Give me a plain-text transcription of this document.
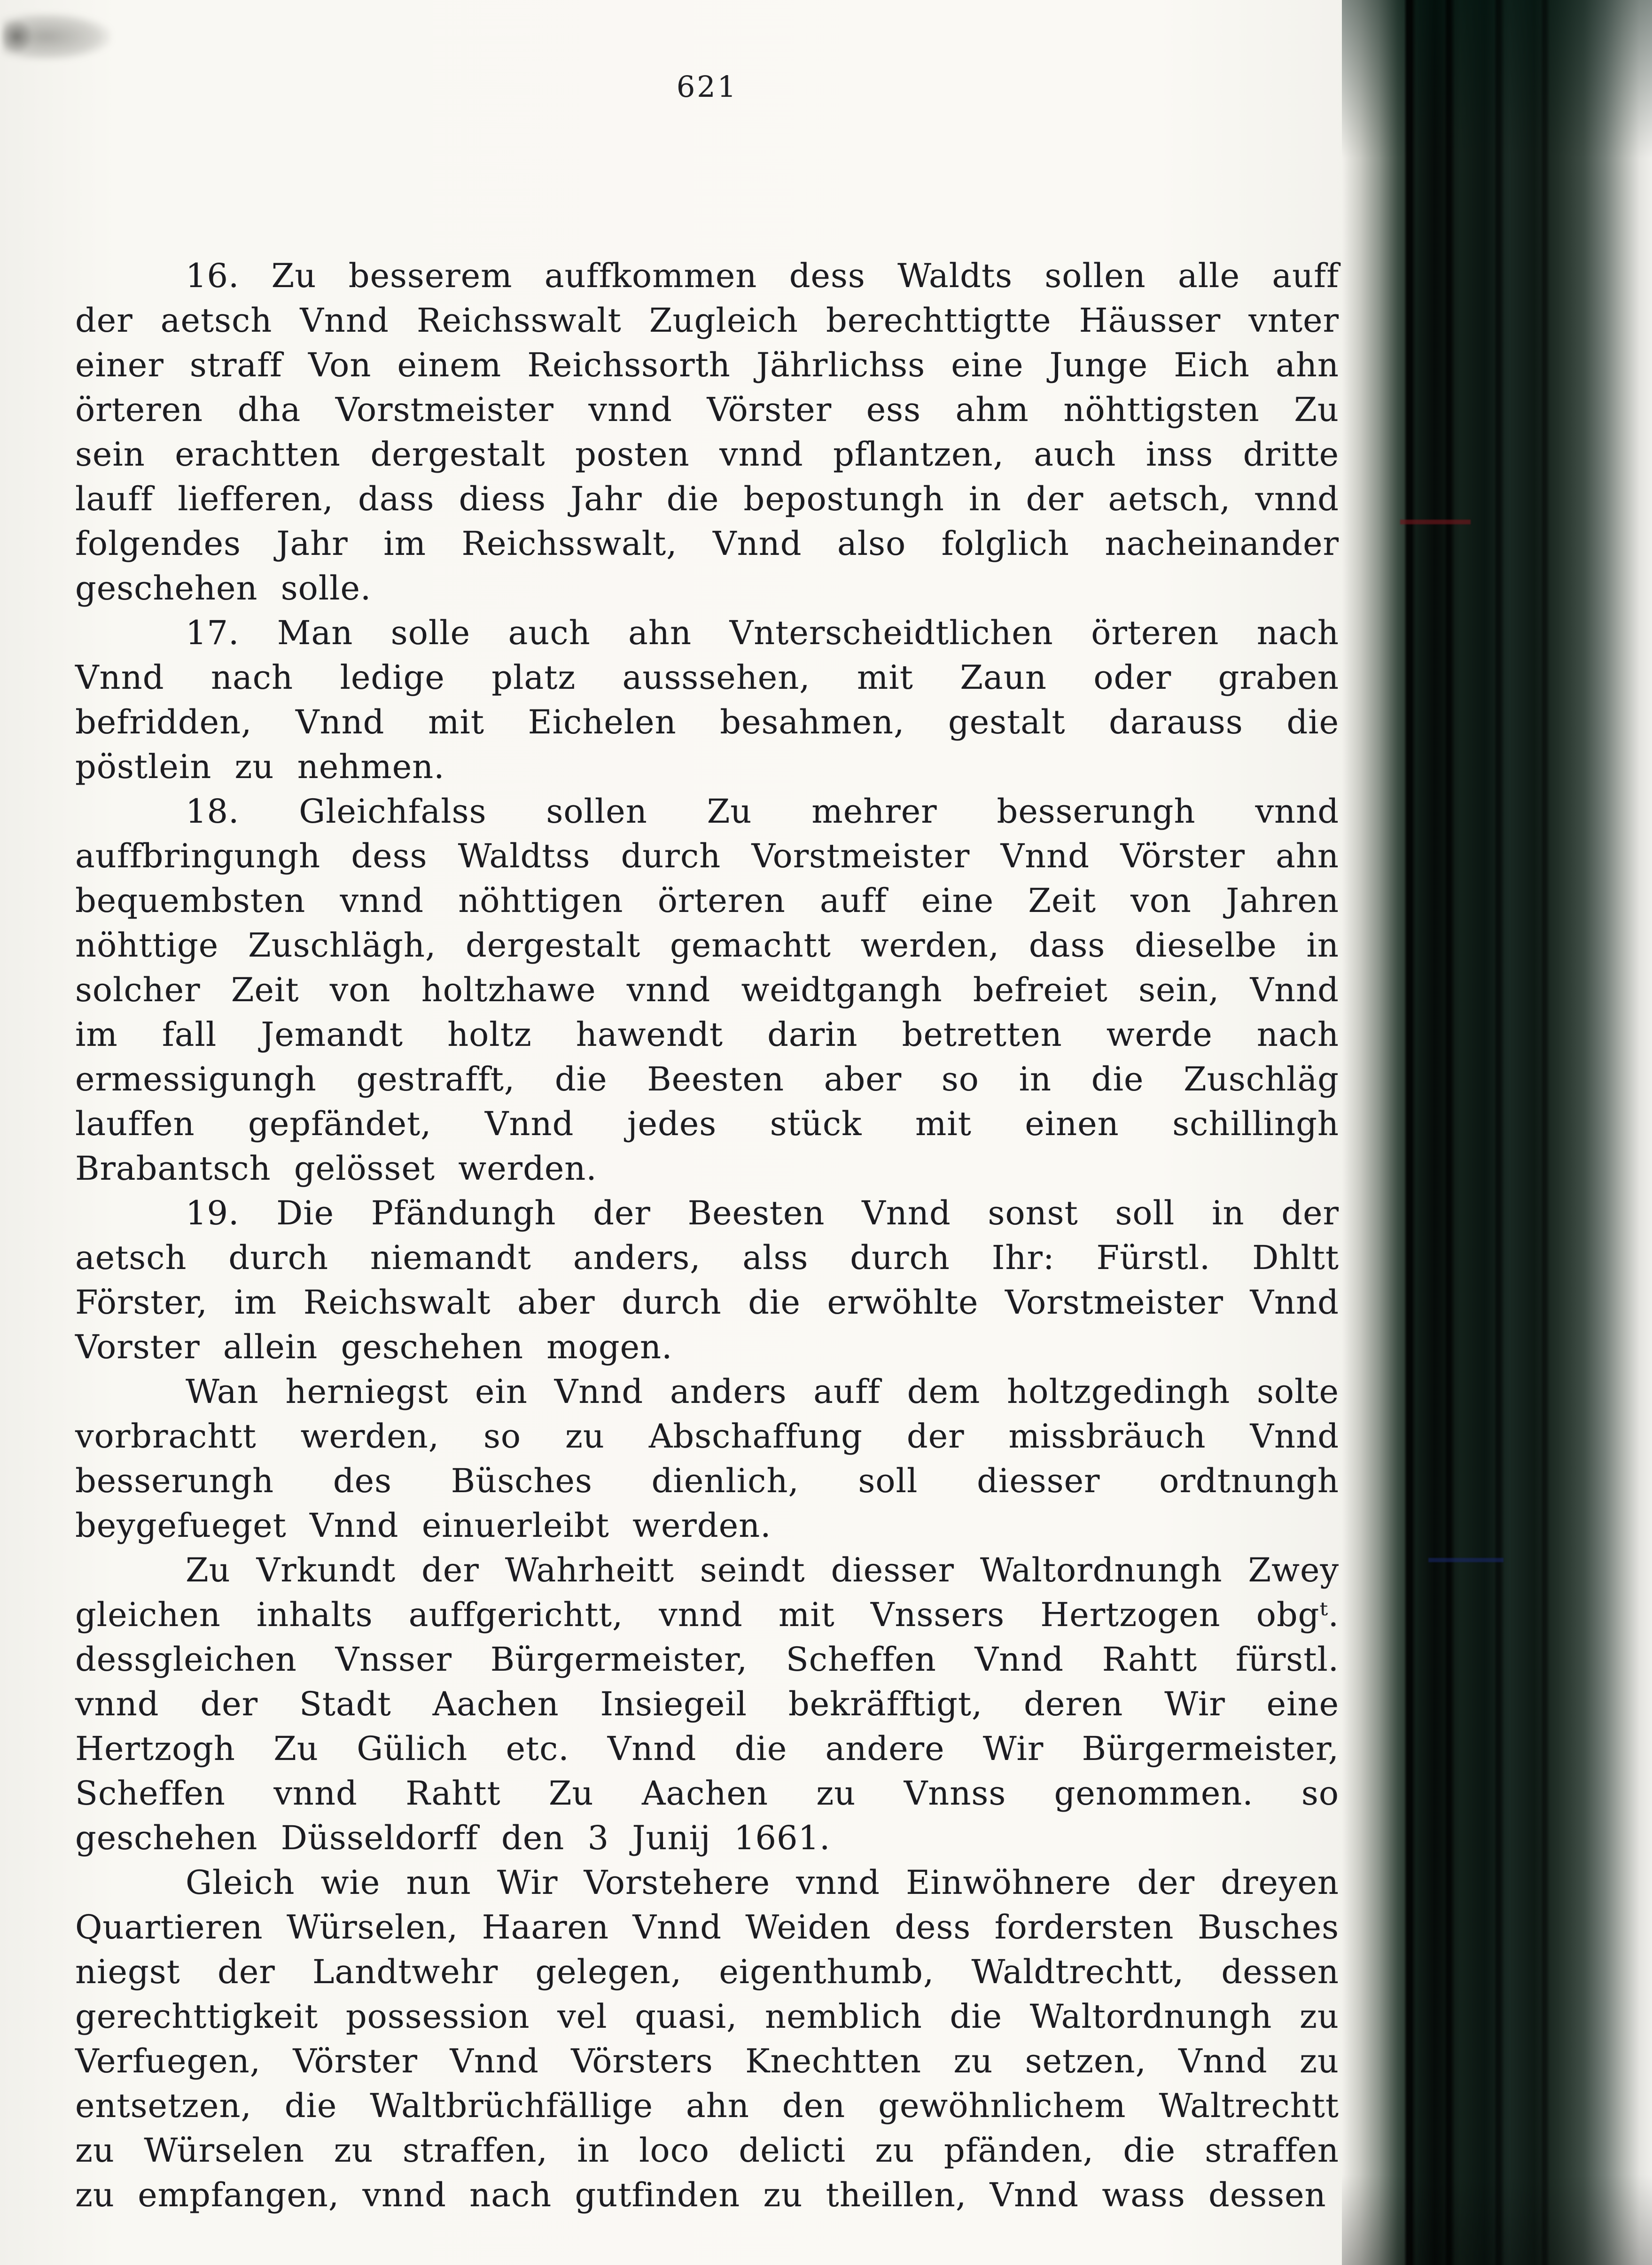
621

16. Zu besserem auffkommen dess Waldts sollen alle auff der aetsch Vnnd Reichsswalt Zugleich berechttigtte Häusser vnter einer straff Von einem Reichssorth Jährlichss eine Junge Eich ahn örteren dha Vorstmeister vnnd Vörster ess ahm nöhttigsten Zu sein erachtten dergestalt posten vnnd pflantzen, auch inss dritte lauff liefferen, dass diess Jahr die bepostungh in der aetsch, vnnd folgendes Jahr im Reichsswalt, Vnnd also folglich nacheinander geschehen solle.

17. Man solle auch ahn Vnterscheidtlichen örteren nach Vnnd nach ledige platz ausssehen, mit Zaun oder graben befridden, Vnnd mit Eichelen besahmen, gestalt darauss die pöstlein zu nehmen.

18. Gleichfalss sollen Zu mehrer besserungh vnnd auffbringungh dess Waldtss durch Vorstmeister Vnnd Vörster ahn bequembsten vnnd nöhttigen örteren auff eine Zeit von Jahren nöhttige Zuschlägh, dergestalt gemachtt werden, dass dieselbe in solcher Zeit von holtzhawe vnnd weidtgangh befreiet sein, Vnnd im fall Jemandt holtz hawendt darin betretten werde nach ermessigungh gestrafft, die Beesten aber so in die Zuschläg lauffen gepfändet, Vnnd jedes stück mit einen schillingh Brabantsch gelösset werden.

19. Die Pfändungh der Beesten Vnnd sonst soll in der aetsch durch niemandt anders, alss durch Ihr: Fürstl. Dhltt Förster, im Reichswalt aber durch die erwöhlte Vorstmeister Vnnd Vorster allein geschehen mogen.

Wan herniegst ein Vnnd anders auff dem holtzgedingh solte vorbrachtt werden, so zu Abschaffung der missbräuch Vnnd besserungh des Büsches dienlich, soll diesser ordtnungh beygefueget Vnnd einuerleibt werden.

Zu Vrkundt der Wahrheitt seindt diesser Waltordnungh Zwey gleichen inhalts auffgerichtt, vnnd mit Vnssers Hertzogen obgᵗ. dessgleichen Vnsser Bürgermeister, Scheffen Vnnd Rahtt fürstl. vnnd der Stadt Aachen Insiegeil bekräfftigt, deren Wir eine Hertzogh Zu Gülich etc. Vnnd die andere Wir Bürgermeister, Scheffen vnnd Rahtt Zu Aachen zu Vnnss genommen. so geschehen Düsseldorff den 3 Junij 1661.

Gleich wie nun Wir Vorstehere vnnd Einwöhnere der dreyen Quartieren Würselen, Haaren Vnnd Weiden dess fordersten Busches niegst der Landtwehr gelegen, eigenthumb, Waldtrechtt, dessen gerechttigkeit possession vel quasi, nemblich die Waltordnungh zu Verfuegen, Vörster Vnnd Vörsters Knechtten zu setzen, Vnnd zu entsetzen, die Waltbrüchfällige ahn den gewöhnlichem Waltrechtt zu Würselen zu straffen, in loco delicti zu pfänden, die straffen zu empfangen, vnnd nach gutfinden zu theillen, Vnnd wass dessen
